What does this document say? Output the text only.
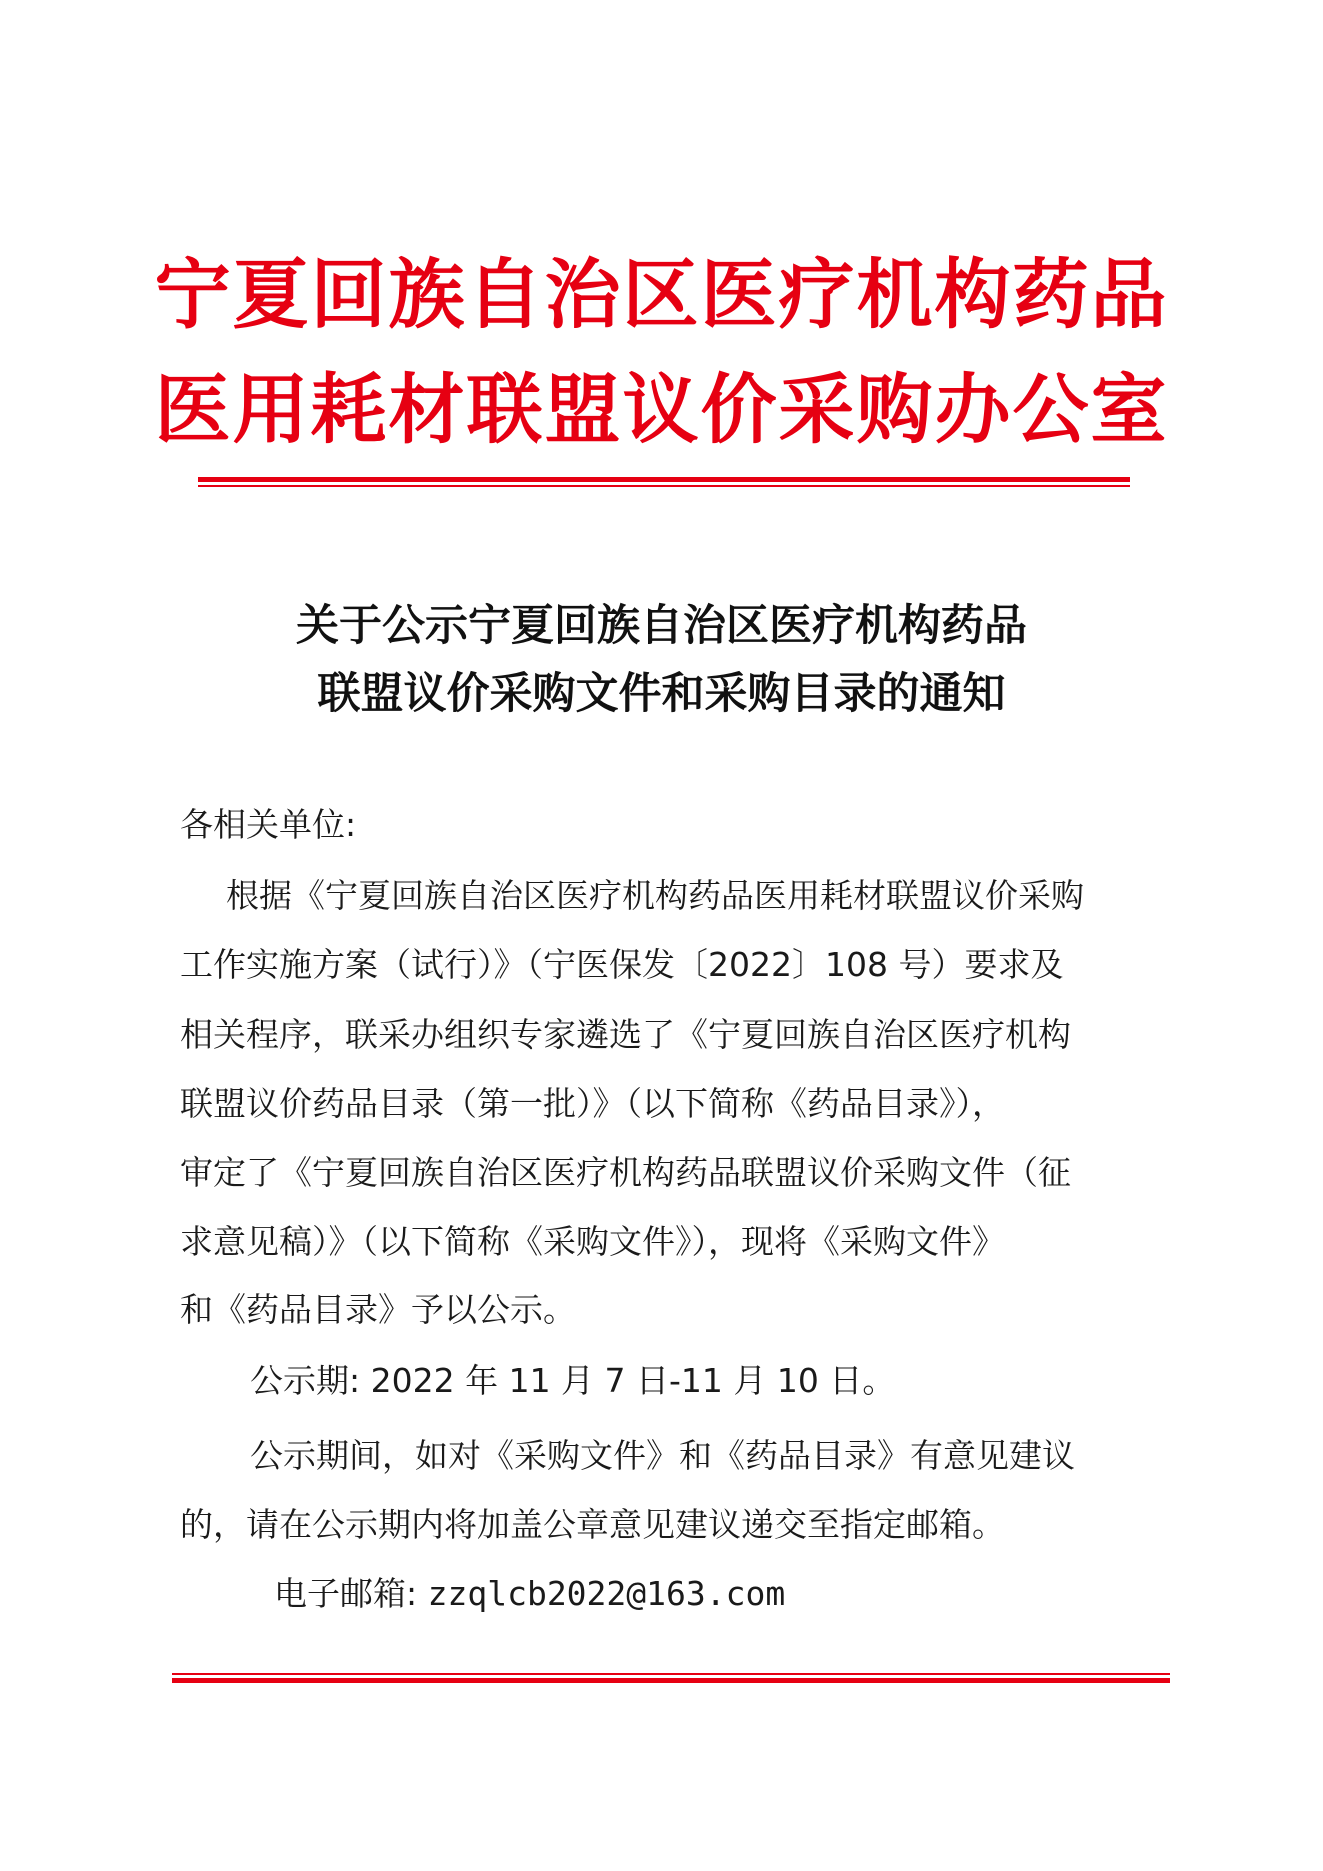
宁夏回族自治区医疗机构药品
医用耗材联盟议价采购办公室
关于公示宁夏回族自治区医疗机构药品
联盟议价采购文件和采购目录的通知
各相关单位:
根据《宁夏回族自治区医疗机构药品医用耗材联盟议价采购
工作实施方案（试行）》（宁医保发〔2022〕108 号）要求及
相关程序，联采办组织专家遴选了《宁夏回族自治区医疗机构
联盟议价药品目录（第一批）》（以下简称《药品目录》），
审定了《宁夏回族自治区医疗机构药品联盟议价采购文件（征
求意见稿）》（以下简称《采购文件》），现将《采购文件》
和《药品目录》予以公示。
公示期: 2022 年 11 月 7 日-11 月 10 日。
公示期间，如对《采购文件》和《药品目录》有意见建议
的，请在公示期内将加盖公章意见建议递交至指定邮箱。
电子邮箱: zzqlcb2022@163.com
